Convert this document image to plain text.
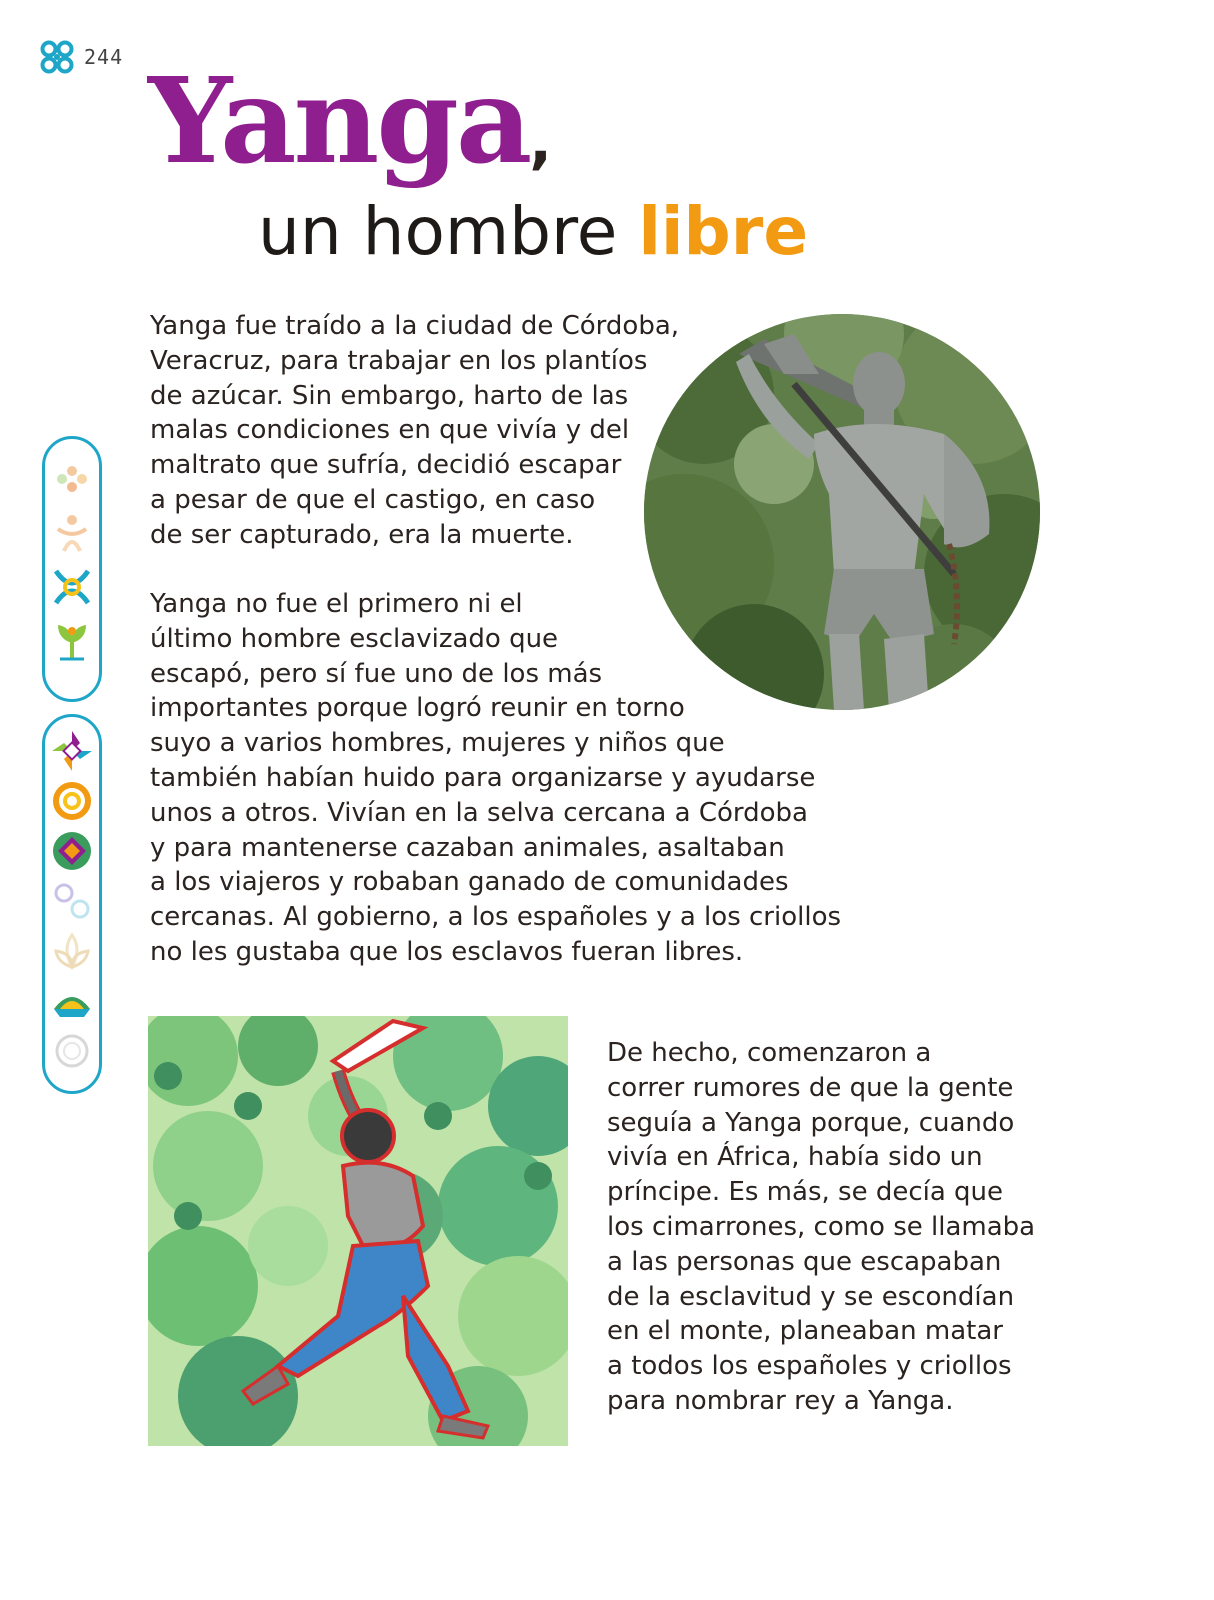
244 Yanga,
un hombre libre

Yanga fue traído a la ciudad de Córdoba,
Veracruz, para trabajar en los plantíos
de azúcar. Sin embargo, harto de las
malas condiciones en que vivía y del
maltrato que sufría, decidió escapar
a pesar de que el castigo, en caso
de ser capturado, era la muerte.

Yanga no fue el primero ni el
último hombre esclavizado que
escapó, pero sí fue uno de los más
importantes porque logró reunir en torno
suyo a varios hombres, mujeres y niños que
también habían huido para organizarse y ayudarse
unos a otros. Vivían en la selva cercana a Córdoba
y para mantenerse cazaban animales, asaltaban
a los viajeros y robaban ganado de comunidades
cercanas. Al gobierno, a los españoles y a los criollos
no les gustaba que los esclavos fueran libres.

De hecho, comenzaron a
correr rumores de que la gente
seguía a Yanga porque, cuando
vivía en África, había sido un
príncipe. Es más, se decía que
los cimarrones, como se llamaba
a las personas que escapaban
de la esclavitud y se escondían
en el monte, planeaban matar
a todos los españoles y criollos
para nombrar rey a Yanga.
